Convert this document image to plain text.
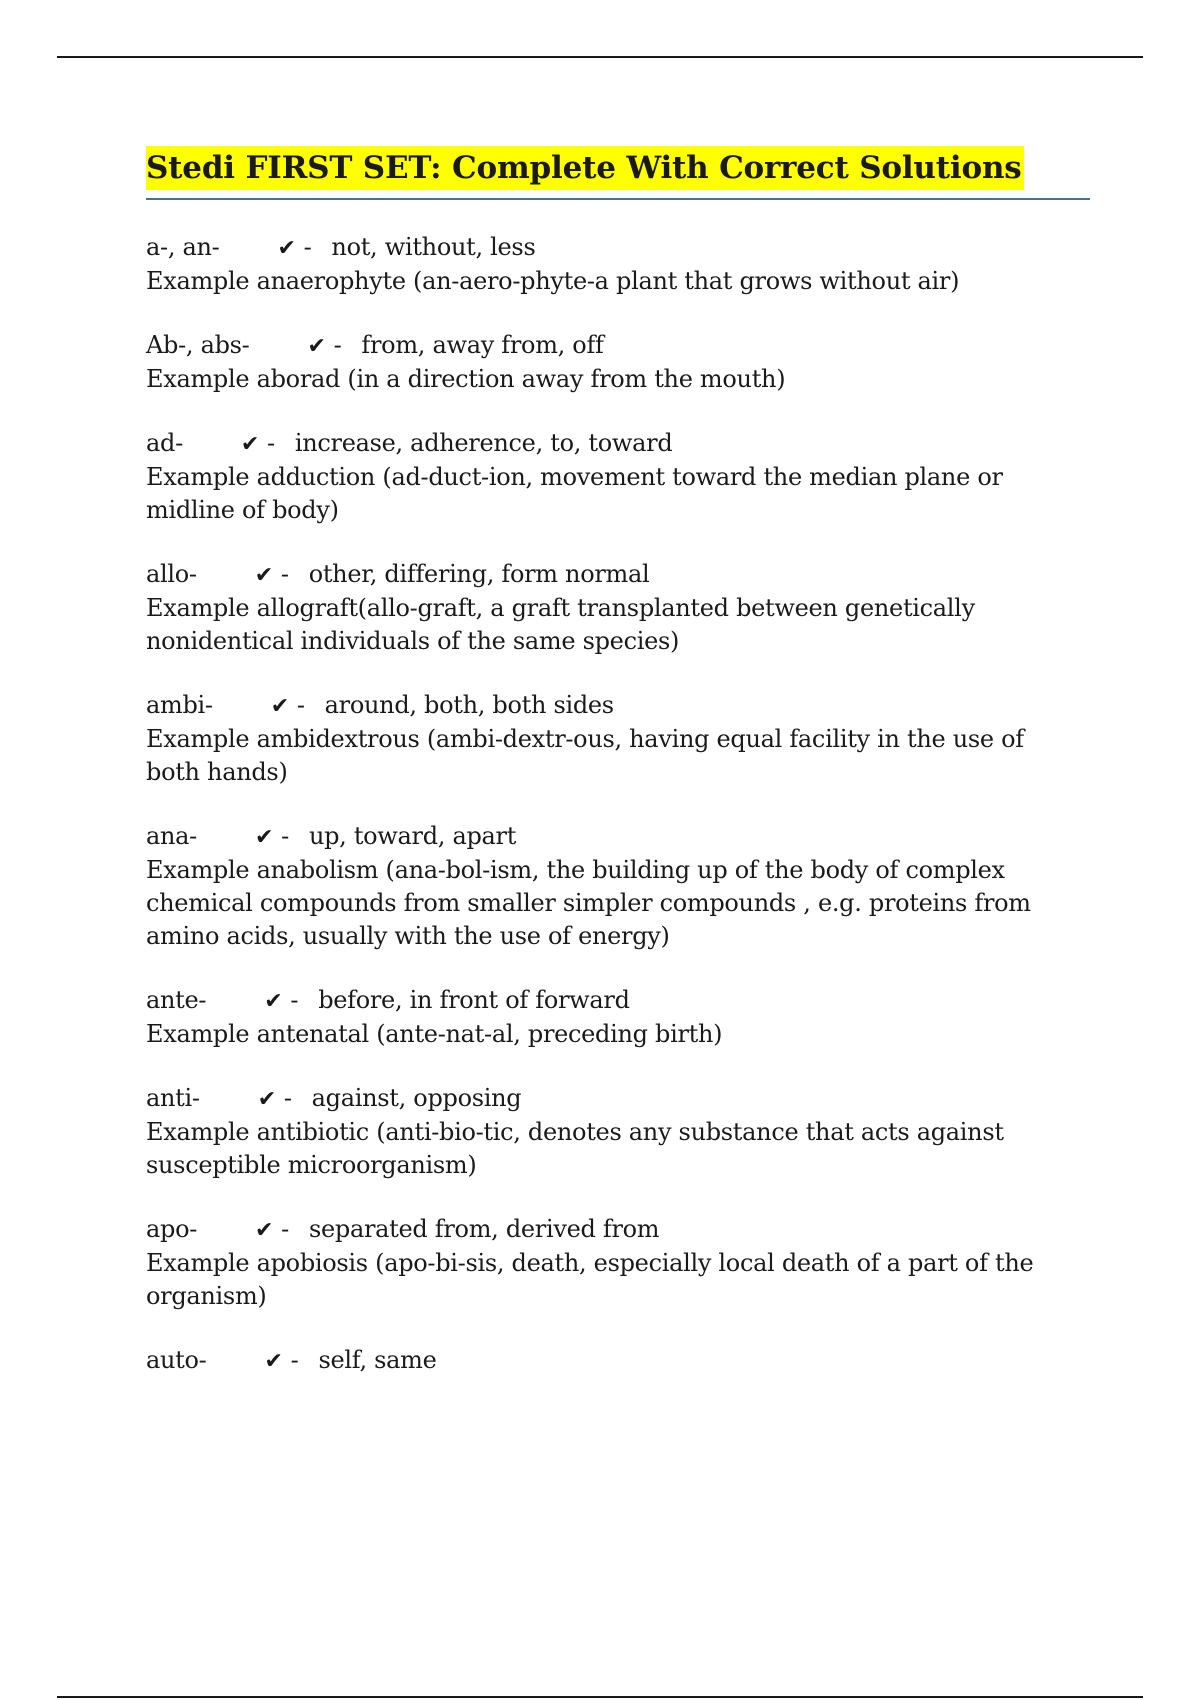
Stedi FIRST SET: Complete With Correct Solutions
a-, an-	✔ - not, without, less
Example anaerophyte (an-aero-phyte-a plant that grows without air)
Ab-, abs-	✔ - from, away from, off
Example aborad (in a direction away from the mouth)
ad-	✔ - increase, adherence, to, toward
Example adduction (ad-duct-ion, movement toward the median plane or midline of body)
allo-	✔ - other, differing, form normal
Example allograft(allo-graft, a graft transplanted between genetically nonidentical individuals of the same species)
ambi-	✔ - around, both, both sides
Example ambidextrous (ambi-dextr-ous, having equal facility in the use of both hands)
ana-	✔ - up, toward, apart
Example anabolism (ana-bol-ism, the building up of the body of complex chemical compounds from smaller simpler compounds , e.g. proteins from amino acids, usually with the use of energy)
ante-	✔ - before, in front of forward
Example antenatal (ante-nat-al, preceding birth)
anti-	✔ - against, opposing
Example antibiotic (anti-bio-tic, denotes any substance that acts against susceptible microorganism)
apo-	✔ - separated from, derived from
Example apobiosis (apo-bi-sis, death, especially local death of a part of the organism)
auto-	✔ - self, same
